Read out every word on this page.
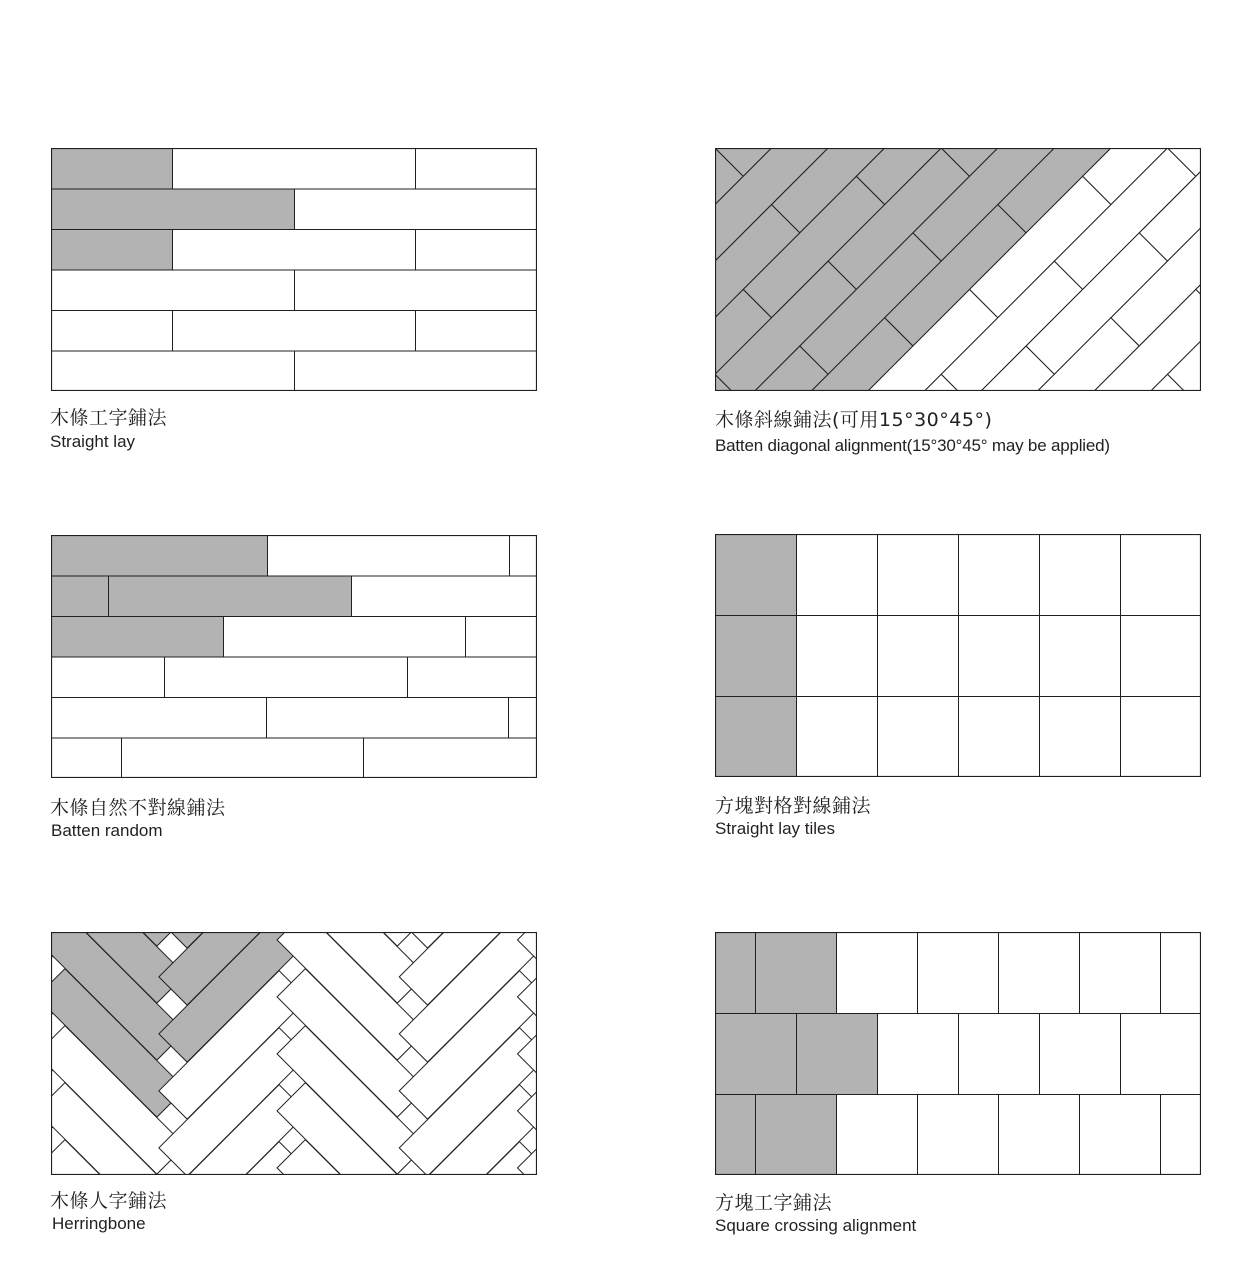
木條工字鋪法
Straight lay
木條斜線鋪法(可用15°30°45°)
Batten diagonal alignment(15°30°45° may be applied)
木條自然不對線鋪法
Batten random
方塊對格對線鋪法
Straight lay tiles
木條人字鋪法
Herringbone
方塊工字鋪法
Square crossing alignment
